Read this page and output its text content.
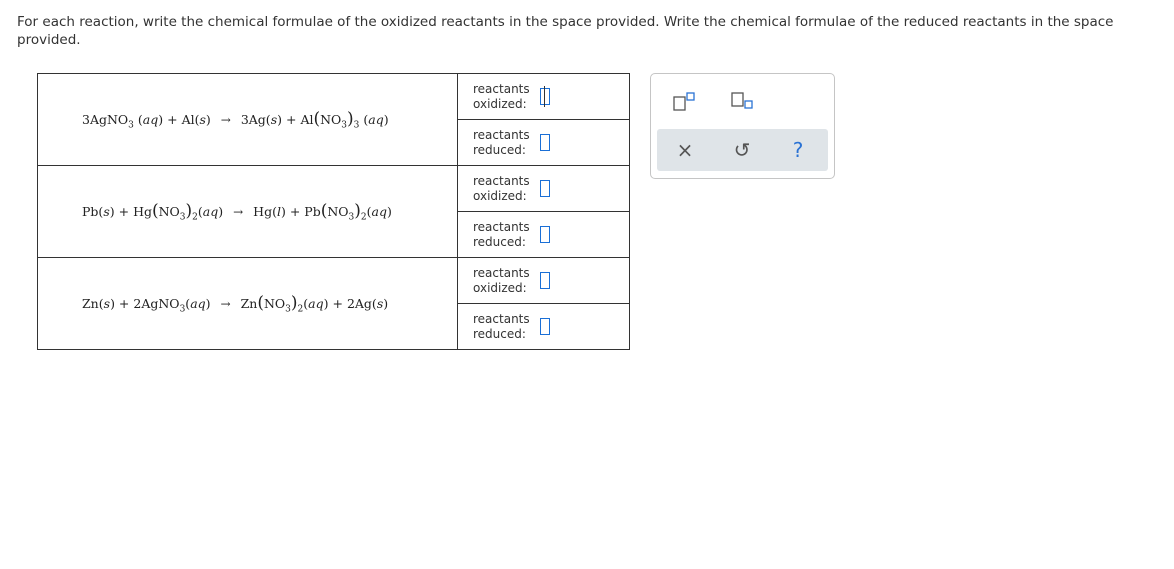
For each reaction, write the chemical formulae of the oxidized reactants in the space provided. Write the chemical formulae of the reduced reactants in the space provided.
3AgNO$_3$ $(aq) + Al(s) \to 3Ag(s) + Al(NO_3)_3$ (aq)	reactants
oxidized:

	reactants
reduced:

$Pb(s) + Hg(NO_3)_2(aq) \to Hg(l) + Pb(NO_3)_2(aq)$	reactants
oxidized:

	reactants
reduced:

Zn(s) + 2AgNO$_3$(aq) → $Zn(NO_3)_2(aq) + 2Ag(s)$	reactants
oxidized:

	reactants
reduced:
× ↺ ?
